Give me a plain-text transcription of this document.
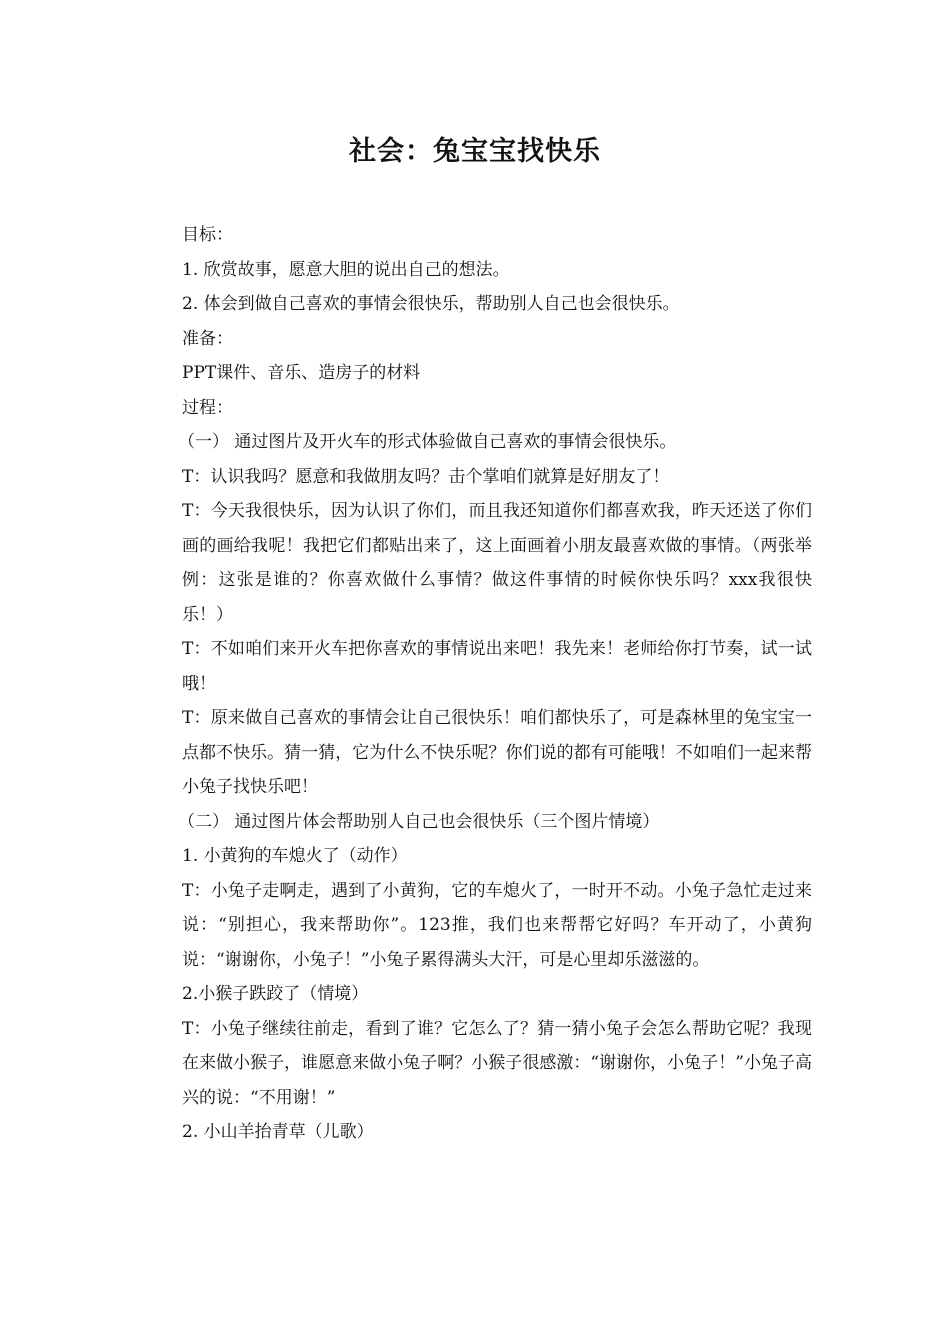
社会：兔宝宝找快乐

目标：

1. 欣赏故事，愿意大胆的说出自己的想法。

2. 体会到做自己喜欢的事情会很快乐，帮助别人自己也会很快乐。

准备：

PPT课件、音乐、造房子的材料

过程：

（一） 通过图片及开火车的形式体验做自己喜欢的事情会很快乐。

T：认识我吗？愿意和我做朋友吗？击个掌咱们就算是好朋友了！

T：今天我很快乐，因为认识了你们，而且我还知道你们都喜欢我，昨天还送了你们画的画给我呢！我把它们都贴出来了，这上面画着小朋友最喜欢做的事情。（两张举例：这张是谁的？你喜欢做什么事情？做这件事情的时候你快乐吗？xxx我很快乐！）

T：不如咱们来开火车把你喜欢的事情说出来吧！我先来！老师给你打节奏，试一试哦！

T：原来做自己喜欢的事情会让自己很快乐！咱们都快乐了，可是森林里的兔宝宝一点都不快乐。猜一猜，它为什么不快乐呢？你们说的都有可能哦！不如咱们一起来帮小兔子找快乐吧！

（二） 通过图片体会帮助别人自己也会很快乐（三个图片情境）

1. 小黄狗的车熄火了（动作）

T：小兔子走啊走，遇到了小黄狗，它的车熄火了，一时开不动。小兔子急忙走过来说：“别担心，我来帮助你”。123推，我们也来帮帮它好吗？车开动了，小黄狗说：“谢谢你，小兔子！”小兔子累得满头大汗，可是心里却乐滋滋的。

2.小猴子跌跤了（情境）

T：小兔子继续往前走，看到了谁？它怎么了？猜一猜小兔子会怎么帮助它呢？我现在来做小猴子，谁愿意来做小兔子啊？小猴子很感激：“谢谢你，小兔子！”小兔子高兴的说：“不用谢！”

2. 小山羊抬青草（儿歌）
